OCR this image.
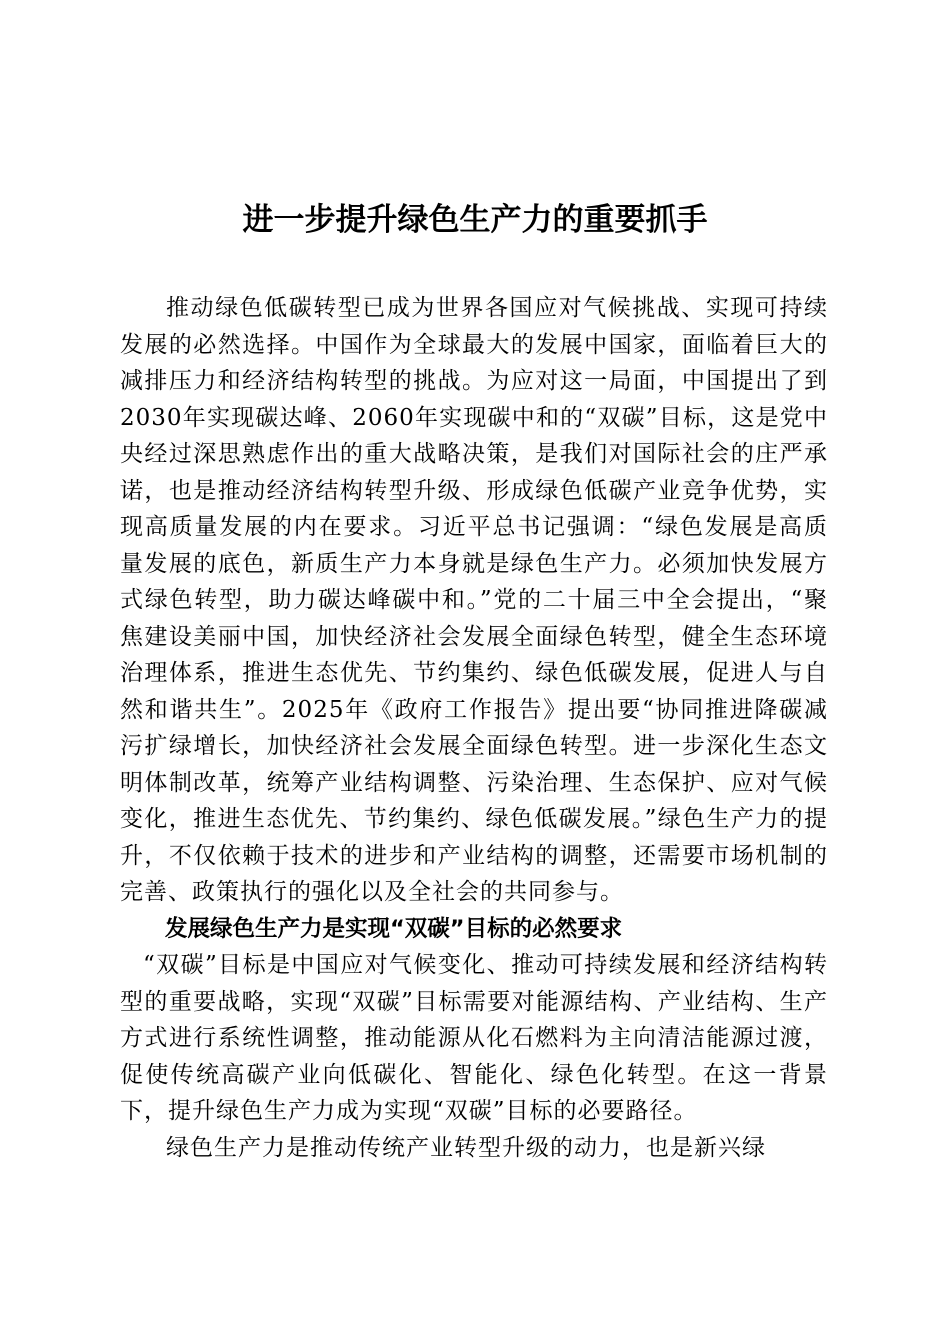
进一步提升绿色生产力的重要抓手

推动绿色低碳转型已成为世界各国应对气候挑战、实现可持续发展的必然选择。中国作为全球最大的发展中国家，面临着巨大的减排压力和经济结构转型的挑战。为应对这一局面，中国提出了到2030年实现碳达峰、2060年实现碳中和的“双碳”目标，这是党中央经过深思熟虑作出的重大战略决策，是我们对国际社会的庄严承诺，也是推动经济结构转型升级、形成绿色低碳产业竞争优势，实现高质量发展的内在要求。习近平总书记强调：“绿色发展是高质量发展的底色，新质生产力本身就是绿色生产力。必须加快发展方式绿色转型，助力碳达峰碳中和。”党的二十届三中全会提出，“聚焦建设美丽中国，加快经济社会发展全面绿色转型，健全生态环境治理体系，推进生态优先、节约集约、绿色低碳发展，促进人与自然和谐共生”。2025年《政府工作报告》提出要“协同推进降碳减污扩绿增长，加快经济社会发展全面绿色转型。进一步深化生态文明体制改革，统筹产业结构调整、污染治理、生态保护、应对气候变化，推进生态优先、节约集约、绿色低碳发展。”绿色生产力的提升，不仅依赖于技术的进步和产业结构的调整，还需要市场机制的完善、政策执行的强化以及全社会的共同参与。

发展绿色生产力是实现“双碳”目标的必然要求

“双碳”目标是中国应对气候变化、推动可持续发展和经济结构转型的重要战略，实现“双碳”目标需要对能源结构、产业结构、生产方式进行系统性调整，推动能源从化石燃料为主向清洁能源过渡，促使传统高碳产业向低碳化、智能化、绿色化转型。在这一背景下，提升绿色生产力成为实现“双碳”目标的必要路径。

绿色生产力是推动传统产业转型升级的动力，也是新兴绿
